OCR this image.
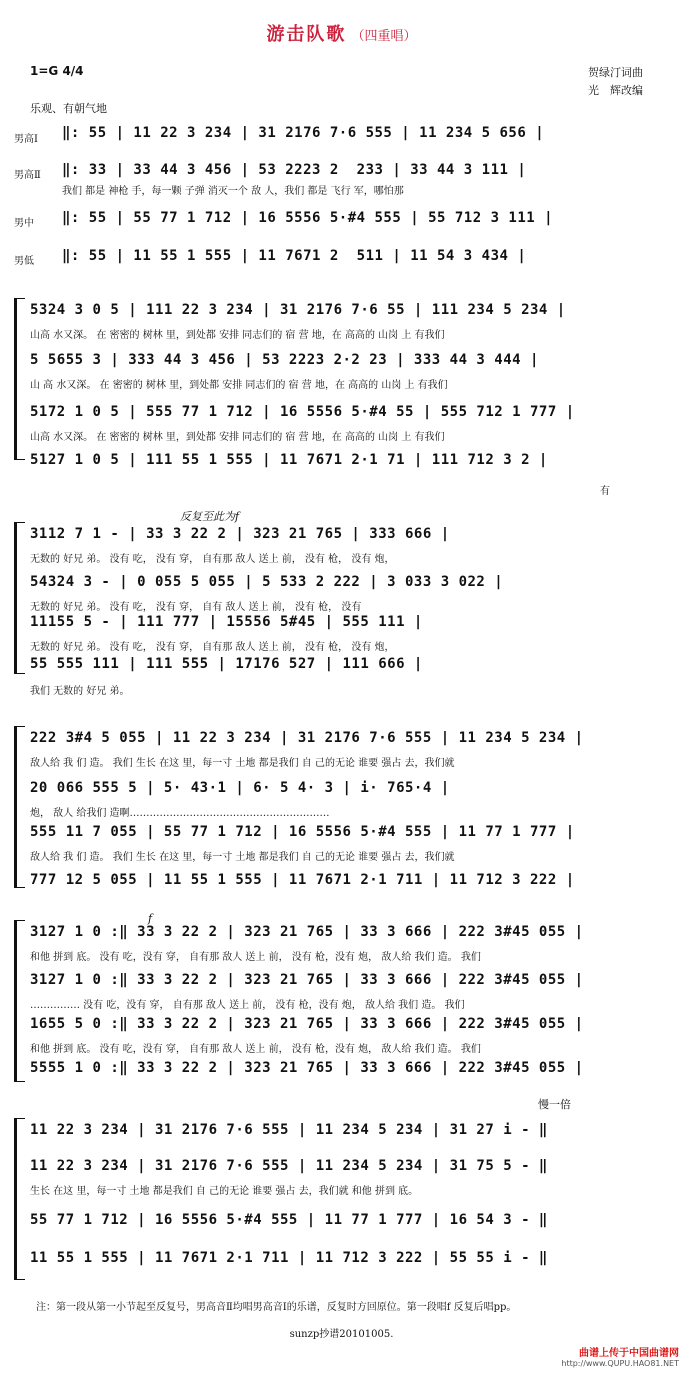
游击队歌 （四重唱）
1=G 4/4	贺绿汀词曲
光　辉改编
乐观、有朝气地
男高Ⅰ
男高Ⅱ
男中
男低
‖: 55 | 11 22 3 234 | 31 2176 7·6 555 | 11 234 5 656 |
‖: 33 | 33 44 3 456 | 53 2223 2  233 | 33 44 3 111 |
我们 都是 神枪 手，每一颗 子弹 消灭一个 敌 人，我们 都是 飞行 军，哪怕那
‖: 55 | 55 77 1 712 | 16 5556 5·#4 555 | 55 712 3 111 |
‖: 55 | 11 55 1 555 | 11 7671 2  511 | 11 54 3 434 |
5324 3 0 5 | 111 22 3 234 | 31 2176 7·6 55 | 111 234 5 234 |
山高 水又深。 在 密密的 树林 里，到处都 安排 同志们的 宿 营 地，在 高高的 山岗 上 有我们
5 5655 3 | 333 44 3 456 | 53 2223 2·2 23 | 333 44 3 444 |
山 高 水又深。 在 密密的 树林 里，到处都 安排 同志们的 宿 营 地，在 高高的 山岗 上 有我们
5172 1 0 5 | 555 77 1 712 | 16 5556 5·#4 55 | 555 712 1 777 |
山高 水又深。 在 密密的 树林 里，到处都 安排 同志们的 宿 营 地，在 高高的 山岗 上 有我们
5127 1 0 5 | 111 55 1 555 | 11 7671 2·1 71 | 111 712 3 2 |
有
反复至此为f
3112 7 1 - | 33 3 22 2 | 323 21 765 | 333 666 |
无数的 好兄 弟。 没有 吃， 没有 穿， 自有那 敌人 送上 前， 没有 枪， 没有 炮，
54324 3 - | 0 055 5 055 | 5 533 2 222 | 3 033 3 022 |
无数的 好兄 弟。 没有 吃， 没有 穿， 自有 敌人 送上 前， 没有 枪， 没有
11155 5 - | 111 777 | 15556 5#45 | 555 111 |
无数的 好兄 弟。 没有 吃， 没有 穿， 自有那 敌人 送上 前， 没有 枪， 没有 炮，
55 555 111 | 111 555 | 17176 527 | 111 666 |
我们 无数的 好兄 弟。
222 3#4 5 055 | 11 22 3 234 | 31 2176 7·6 555 | 11 234 5 234 |
敌人给 我 们 造。 我们 生长 在这 里，每一寸 土地 都是我们 自 己的无论 谁要 强占 去，我们就
20 066 555 5 | 5· 43·1 | 6· 5 4· 3 | i· 765·4 |
炮， 敌人 给我们 造啊……………………………………………………
555 11 7 055 | 55 77 1 712 | 16 5556 5·#4 555 | 11 77 1 777 |
敌人给 我 们 造。 我们 生长 在这 里，每一寸 土地 都是我们 自 己的无论 谁要 强占 去，我们就
777 12 5 055 | 11 55 1 555 | 11 7671 2·1 711 | 11 712 3 222 |
f
3127 1 0 :‖ 33 3 22 2 | 323 21 765 | 33 3 666 | 222 3#45 055 |
和他 拼到 底。 没有 吃，没有 穿， 自有那 敌人 送上 前， 没有 枪，没有 炮， 敌人给 我们 造。 我们
3127 1 0 :‖ 33 3 22 2 | 323 21 765 | 33 3 666 | 222 3#45 055 |
…………… 没有 吃，没有 穿， 自有那 敌人 送上 前， 没有 枪，没有 炮， 敌人给 我们 造。 我们
1655 5 0 :‖ 33 3 22 2 | 323 21 765 | 33 3 666 | 222 3#45 055 |
和他 拼到 底。 没有 吃，没有 穿， 自有那 敌人 送上 前， 没有 枪，没有 炮， 敌人给 我们 造。 我们
5555 1 0 :‖ 33 3 22 2 | 323 21 765 | 33 3 666 | 222 3#45 055 |
慢一倍
11 22 3 234 | 31 2176 7·6 555 | 11 234 5 234 | 31 27 i - ‖
11 22 3 234 | 31 2176 7·6 555 | 11 234 5 234 | 31 75 5 - ‖
生长 在这 里，每一寸 土地 都是我们 自 己的无论 谁要 强占 去，我们就 和他 拼到 底。
55 77 1 712 | 16 5556 5·#4 555 | 11 77 1 777 | 16 54 3 - ‖
11 55 1 555 | 11 7671 2·1 711 | 11 712 3 222 | 55 55 i - ‖
注：第一段从第一小节起至反复号，男高音Ⅱ均唱男高音Ⅰ的乐谱，反复时方回原位。第一段唱f 反复后唱pp。
sunzp抄谱20101005.
曲谱上传于中国曲谱网
http://www.QUPU.HAO81.NET
